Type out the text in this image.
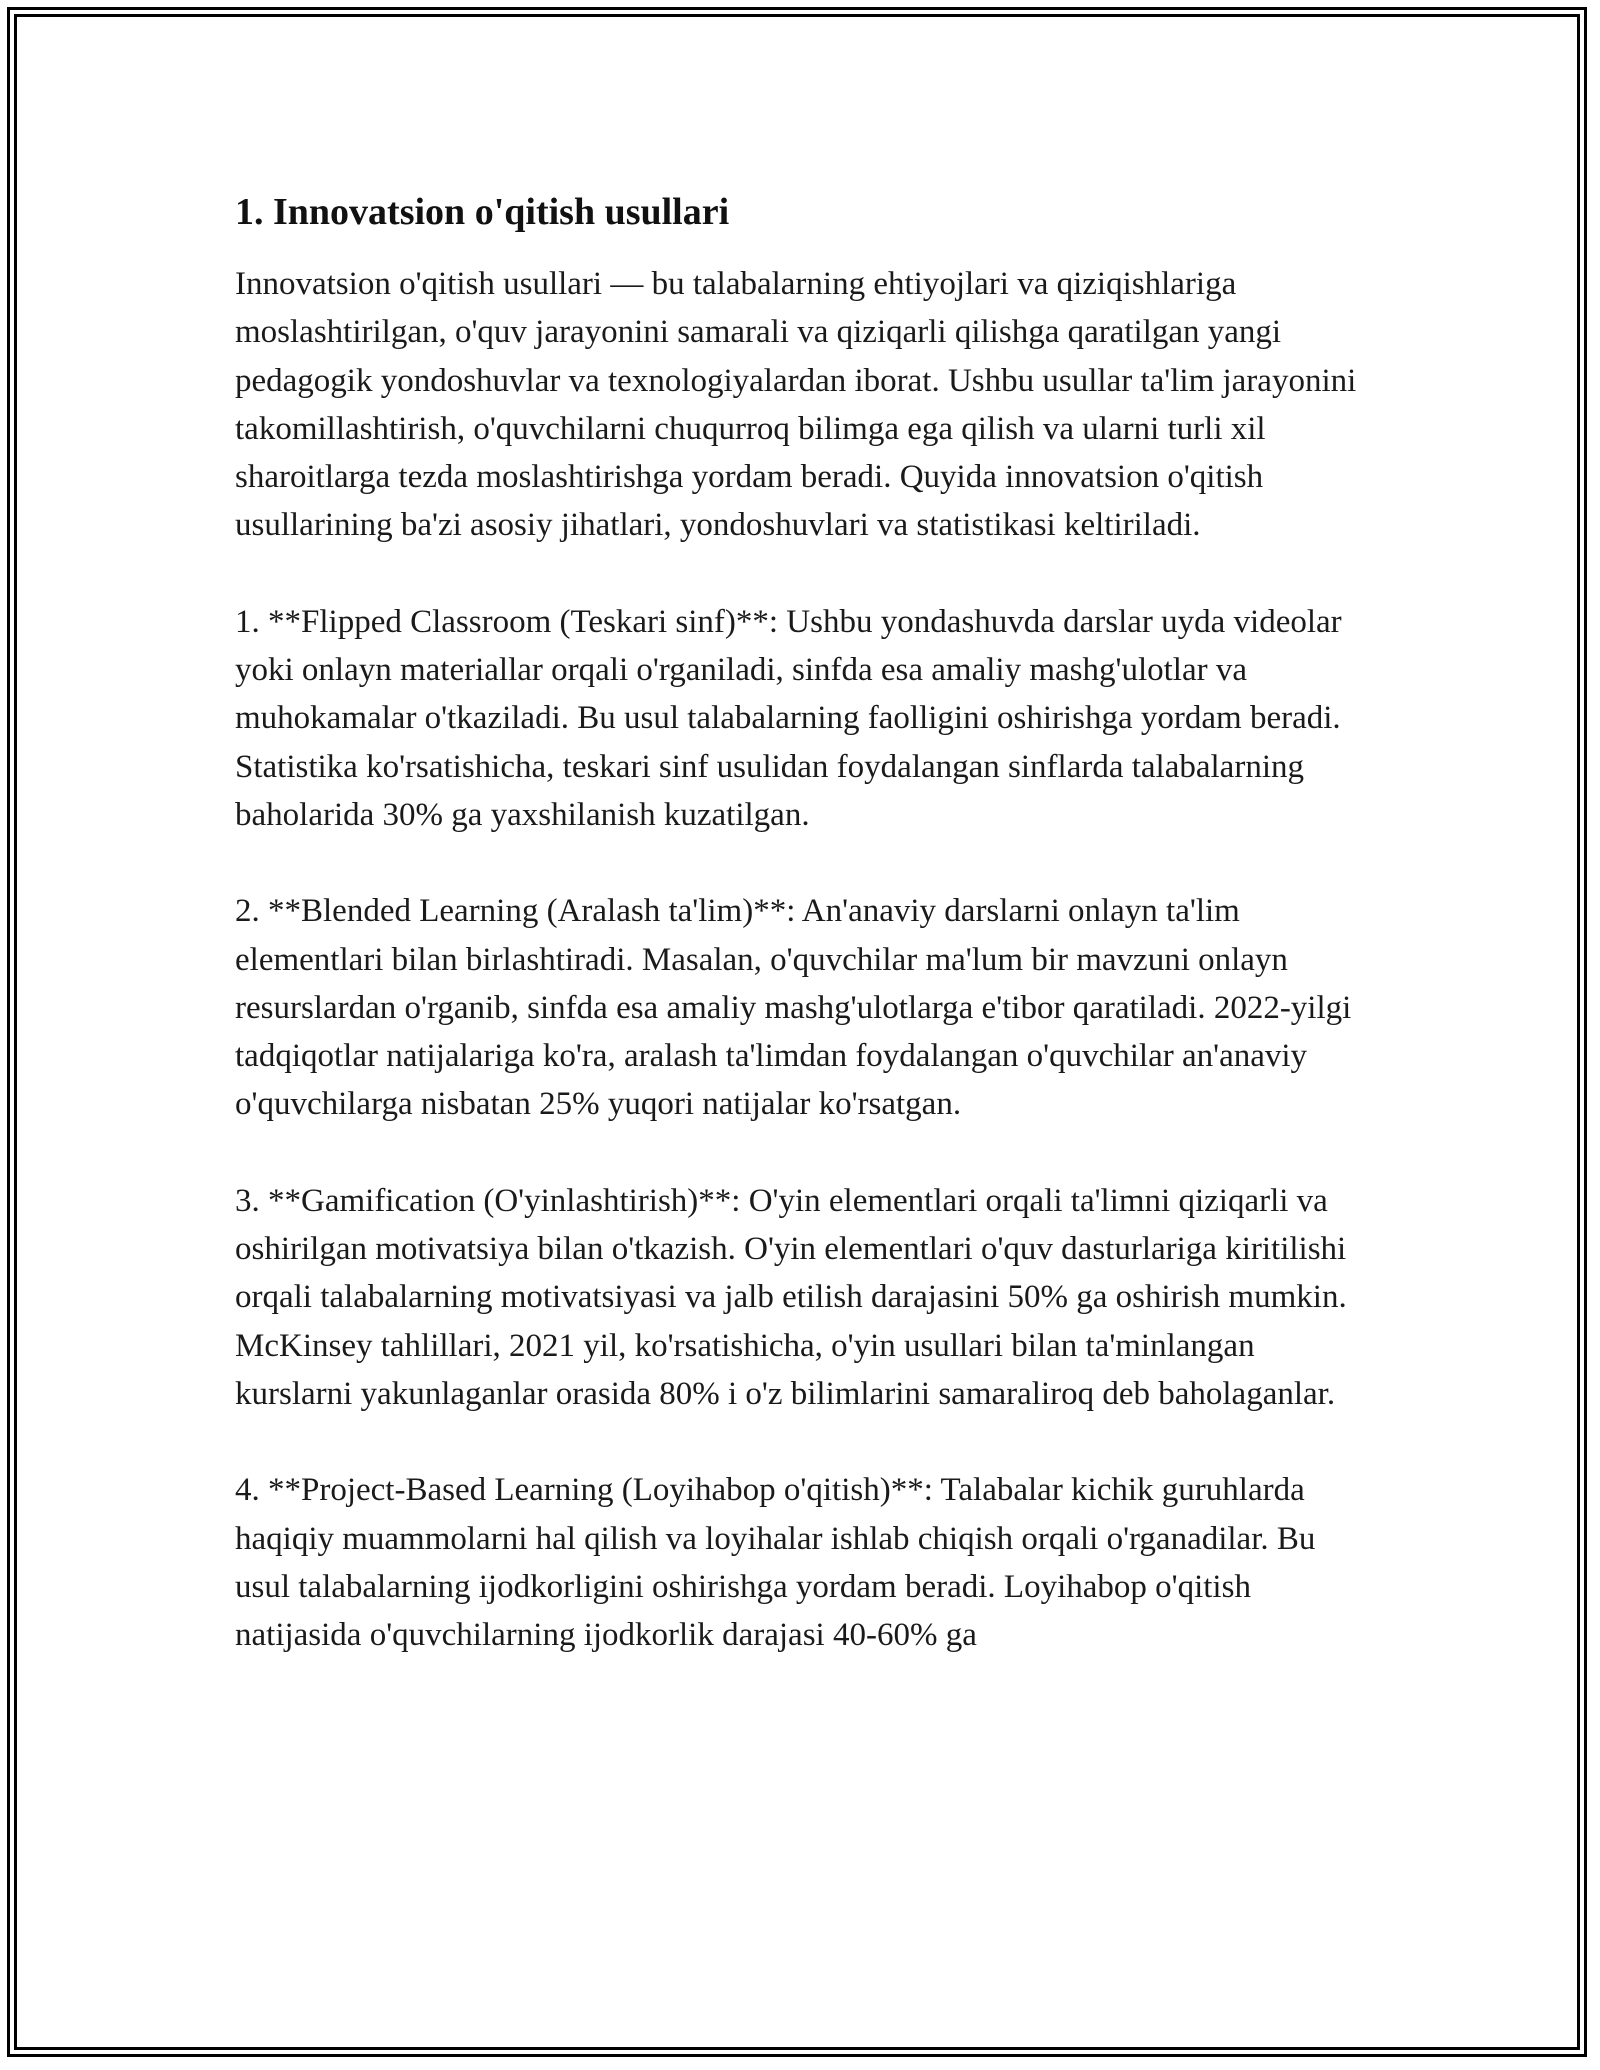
1. Innovatsion o'qitish usullari

Innovatsion o'qitish usullari — bu talabalarning ehtiyojlari va qiziqishlariga moslashtirilgan, o'quv jarayonini samarali va qiziqarli qilishga qaratilgan yangi pedagogik yondoshuvlar va texnologiyalardan iborat. Ushbu usullar ta'lim jarayonini takomillashtirish, o'quvchilarni chuqurroq bilimga ega qilish va ularni turli xil sharoitlarga tezda moslashtirishga yordam beradi. Quyida innovatsion o'qitish usullarining ba'zi asosiy jihatlari, yondoshuvlari va statistikasi keltiriladi.

1. **Flipped Classroom (Teskari sinf)**: Ushbu yondashuvda darslar uyda videolar yoki onlayn materiallar orqali o'rganiladi, sinfda esa amaliy mashg'ulotlar va muhokamalar o'tkaziladi. Bu usul talabalarning faolligini oshirishga yordam beradi. Statistika ko'rsatishicha, teskari sinf usulidan foydalangan sinflarda talabalarning baholarida 30% ga yaxshilanish kuzatilgan.

2. **Blended Learning (Aralash ta'lim)**: An'anaviy darslarni onlayn ta'lim elementlari bilan birlashtiradi. Masalan, o'quvchilar ma'lum bir mavzuni onlayn resurslardan o'rganib, sinfda esa amaliy mashg'ulotlarga e'tibor qaratiladi. 2022-yilgi tadqiqotlar natijalariga ko'ra, aralash ta'limdan foydalangan o'quvchilar an'anaviy o'quvchilarga nisbatan 25% yuqori natijalar ko'rsatgan.

3. **Gamification (O'yinlashtirish)**: O'yin elementlari orqali ta'limni qiziqarli va oshirilgan motivatsiya bilan o'tkazish. O'yin elementlari o'quv dasturlariga kiritilishi orqali talabalarning motivatsiyasi va jalb etilish darajasini 50% ga oshirish mumkin. McKinsey tahlillari, 2021 yil, ko'rsatishicha, o'yin usullari bilan ta'minlangan kurslarni yakunlaganlar orasida 80% i o'z bilimlarini samaraliroq deb baholaganlar.

4. **Project-Based Learning (Loyihabop o'qitish)**: Talabalar kichik guruhlarda haqiqiy muammolarni hal qilish va loyihalar ishlab chiqish orqali o'rganadilar. Bu usul talabalarning ijodkorligini oshirishga yordam beradi. Loyihabop o'qitish natijasida o'quvchilarning ijodkorlik darajasi 40-60% ga
